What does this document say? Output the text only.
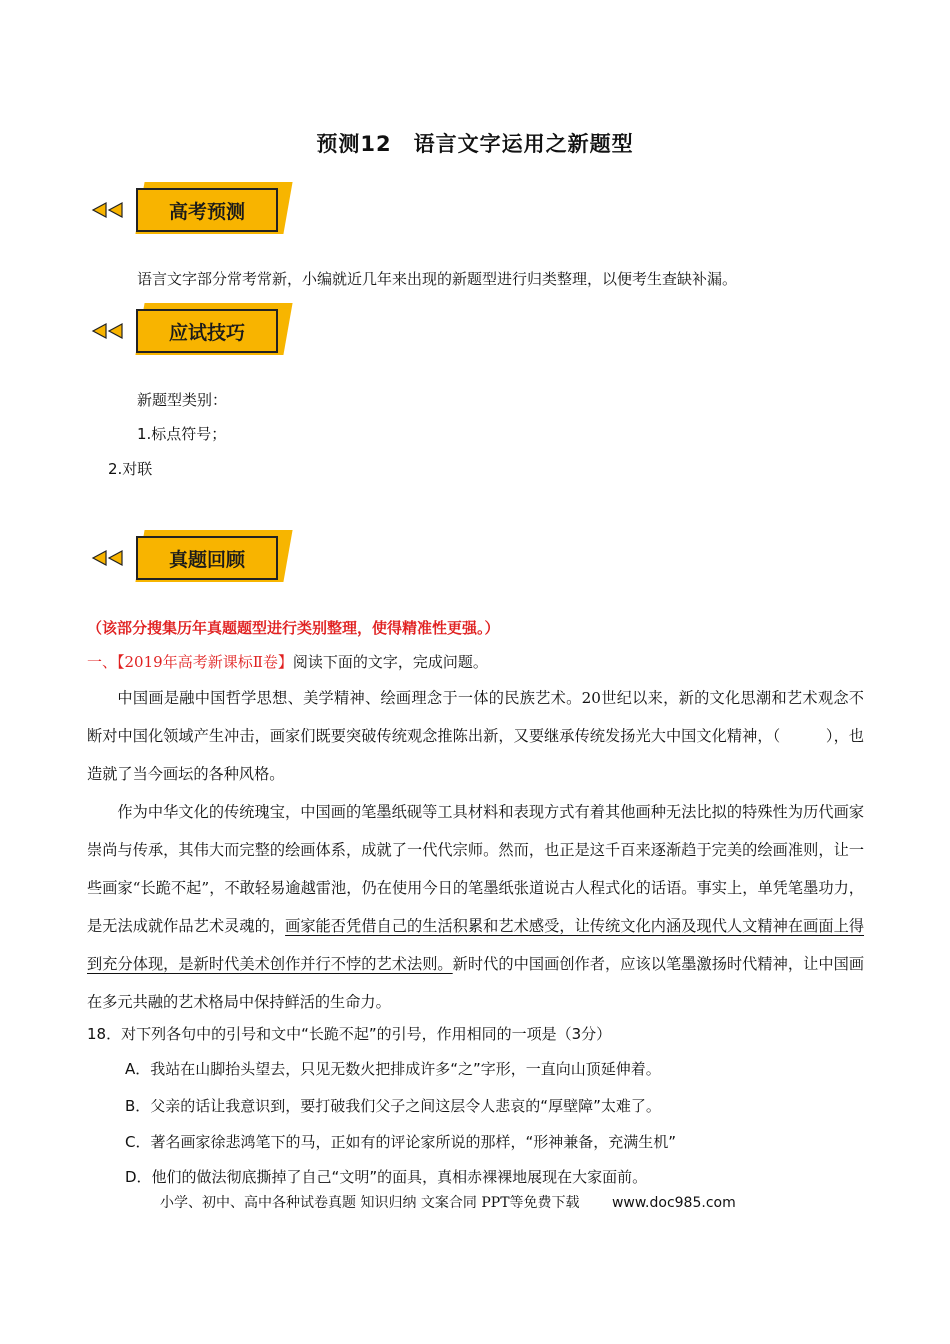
预测12　语言文字运用之新题型
高考预测
语言文字部分常考常新，小编就近几年来出现的新题型进行归类整理，以便考生查缺补漏。
应试技巧
新题型类别：
1.标点符号；
2.对联
真题回顾
（该部分搜集历年真题题型进行类别整理，使得精准性更强。）
一、【2019年高考新课标Ⅱ卷】阅读下面的文字，完成问题。
中国画是融中国哲学思想、美学精神、绘画理念于一体的民族艺术。20世纪以来，新的文化思潮和艺术观念不断对中国化领域产生冲击，画家们既要突破传统观念推陈出新，又要继承传统发扬光大中国文化精神，（　　　），也造就了当今画坛的各种风格。
作为中华文化的传统瑰宝，中国画的笔墨纸砚等工具材料和表现方式有着其他画种无法比拟的特殊性为历代画家崇尚与传承，其伟大而完整的绘画体系，成就了一代代宗师。然而，也正是这千百来逐渐趋于完美的绘画准则，让一些画家“长跪不起”，不敢轻易逾越雷池，仍在使用今日的笔墨纸张道说古人程式化的话语。事实上，单凭笔墨功力，是无法成就作品艺术灵魂的，画家能否凭借自己的生活积累和艺术感受，让传统文化内涵及现代人文精神在画面上得到充分体现，是新时代美术创作并行不悖的艺术法则。新时代的中国画创作者，应该以笔墨激扬时代精神，让中国画在多元共融的艺术格局中保持鲜活的生命力。
18．对下列各句中的引号和文中“长跪不起”的引号，作用相同的一项是（3分）
A．我站在山脚抬头望去，只见无数火把排成许多“之”字形，一直向山顶延伸着。
B．父亲的话让我意识到，要打破我们父子之间这层令人悲哀的“厚壁障”太难了。
C．著名画家徐悲鸿笔下的马，正如有的评论家所说的那样，“形神兼备，充满生机”
D．他们的做法彻底撕掉了自己“文明”的面具，真相赤裸裸地展现在大家面前。
小学、初中、高中各种试卷真题 知识归纳 文案合同 PPT等免费下载 www.doc985.com
